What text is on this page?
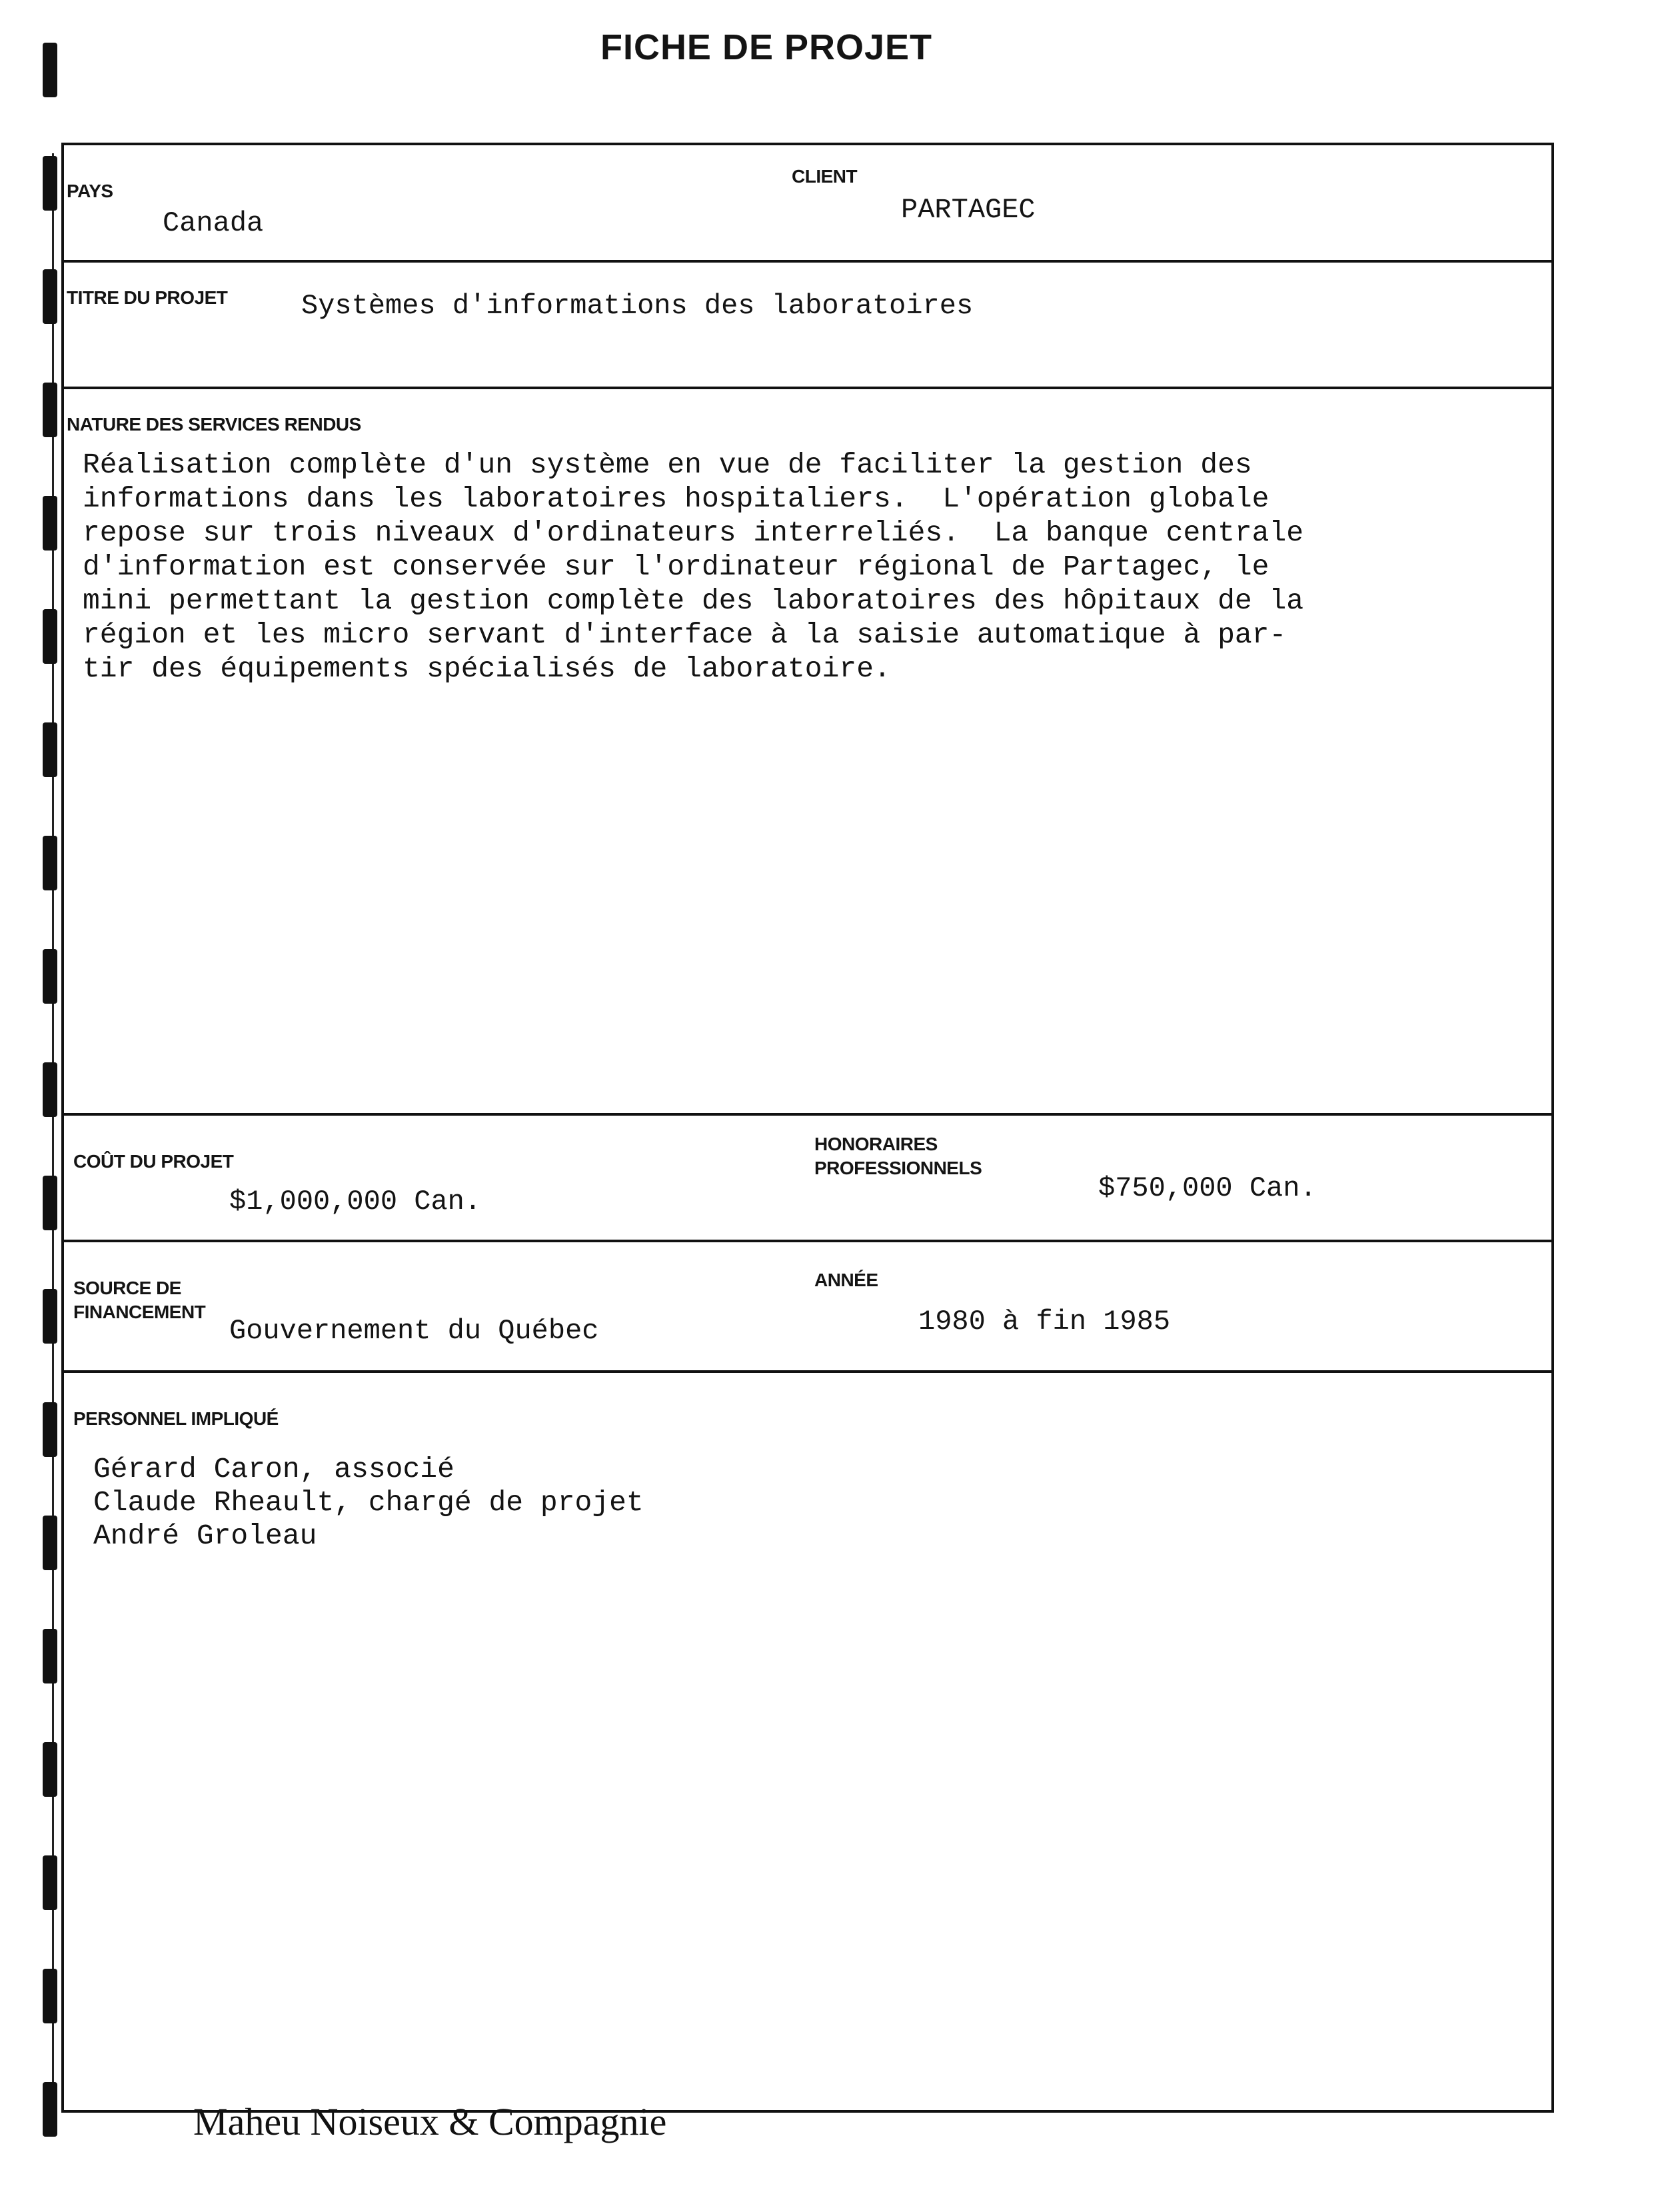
FICHE DE PROJET
PAYS
Canada
CLIENT
PARTAGEC
TITRE DU PROJET	Systèmes d'informations des laboratoires
NATURE DES SERVICES RENDUS
Réalisation complète d'un système en vue de faciliter la gestion des
informations dans les laboratoires hospitaliers.  L'opération globale
repose sur trois niveaux d'ordinateurs interreliés.  La banque centrale
d'information est conservée sur l'ordinateur régional de Partagec, le
mini permettant la gestion complète des laboratoires des hôpitaux de la
région et les micro servant d'interface à la saisie automatique à par-
tir des équipements spécialisés de laboratoire.
COÛT DU PROJET
$1,000,000 Can.
HONORAIRES
PROFESSIONNELS
$750,000 Can.
SOURCE DE
FINANCEMENT
Gouvernement du Québec
ANNÉE
1980 à fin 1985
PERSONNEL IMPLIQUÉ
Gérard Caron, associé
Claude Rheault, chargé de projet
André Groleau
Maheu Noiseux & Compagnie
